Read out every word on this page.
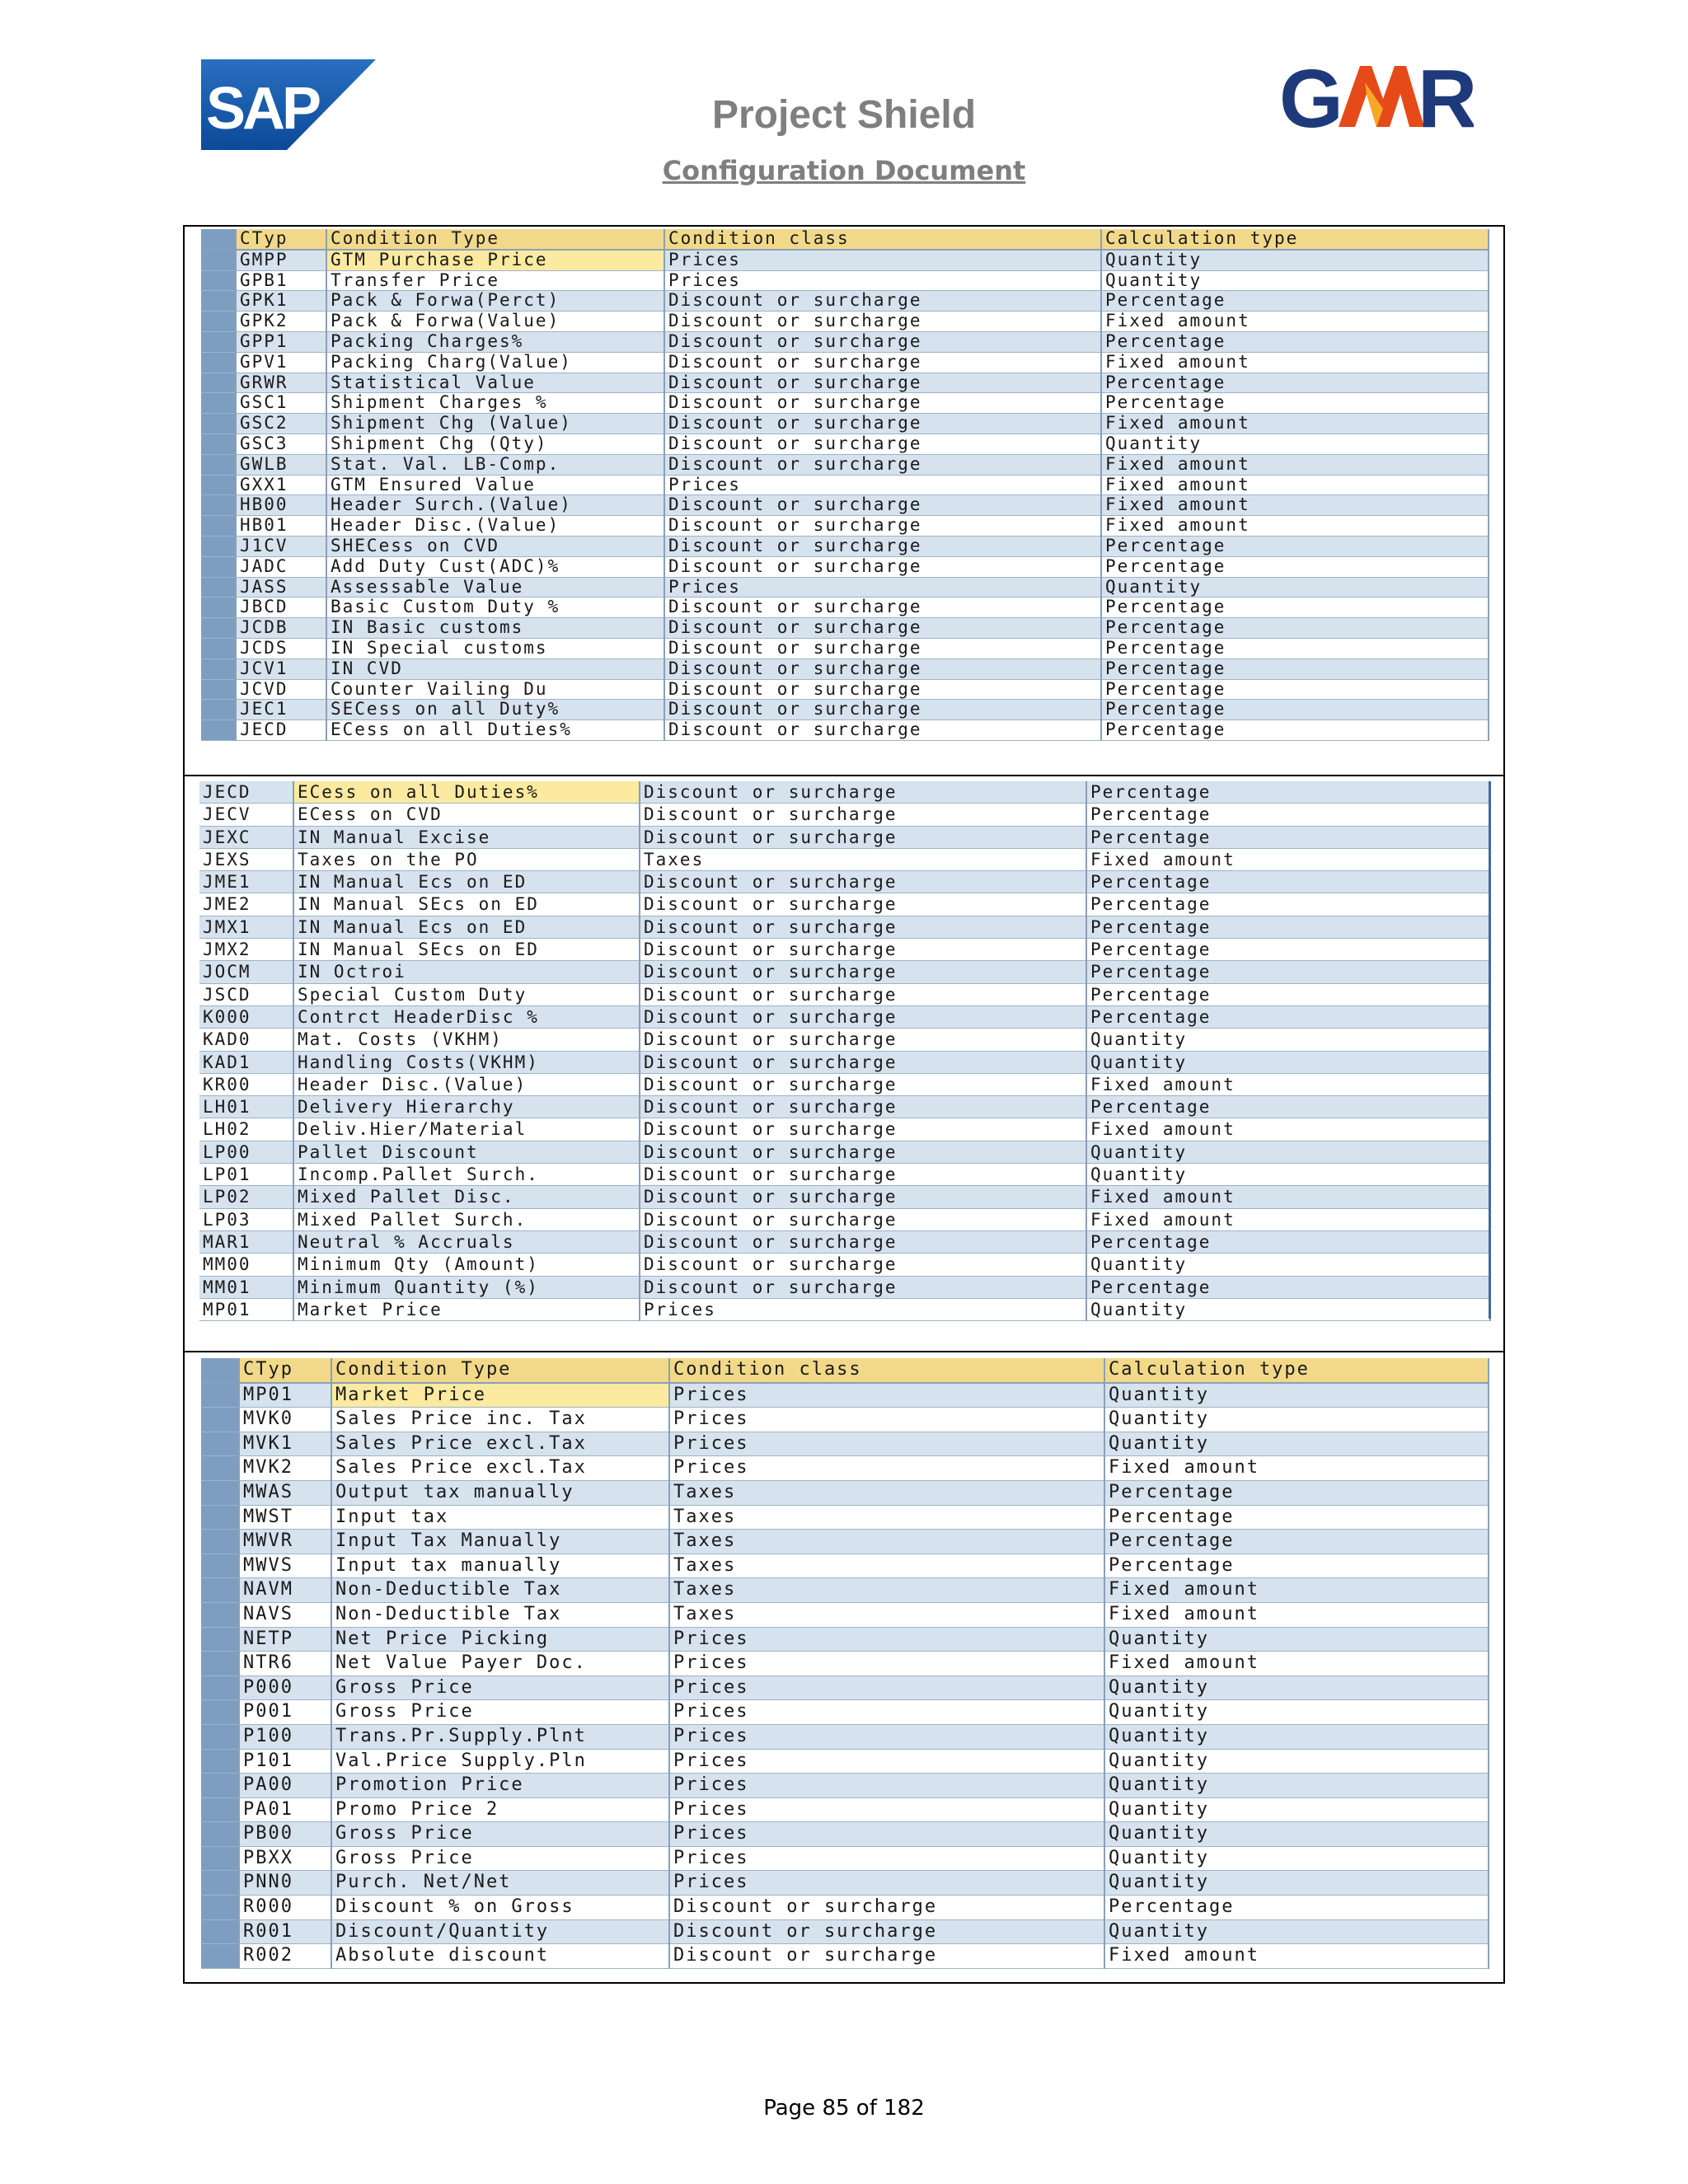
SAP	G R
Project Shield
Configuration Document
	CTyp	Condition Type	Condition class	Calculation type
	GMPP	GTM Purchase Price	Prices	Quantity
	GPB1	Transfer Price	Prices	Quantity
	GPK1	Pack & Forwa(Perct)	Discount or surcharge	Percentage
	GPK2	Pack & Forwa(Value)	Discount or surcharge	Fixed amount
	GPP1	Packing Charges%	Discount or surcharge	Percentage
	GPV1	Packing Charg(Value)	Discount or surcharge	Fixed amount
	GRWR	Statistical Value	Discount or surcharge	Percentage
	GSC1	Shipment Charges %	Discount or surcharge	Percentage
	GSC2	Shipment Chg (Value)	Discount or surcharge	Fixed amount
	GSC3	Shipment Chg (Qty)	Discount or surcharge	Quantity
	GWLB	Stat. Val. LB-Comp.	Discount or surcharge	Fixed amount
	GXX1	GTM Ensured Value	Prices	Fixed amount
	HB00	Header Surch.(Value)	Discount or surcharge	Fixed amount
	HB01	Header Disc.(Value)	Discount or surcharge	Fixed amount
	J1CV	SHECess on CVD	Discount or surcharge	Percentage
	JADC	Add Duty Cust(ADC)%	Discount or surcharge	Percentage
	JASS	Assessable Value	Prices	Quantity
	JBCD	Basic Custom Duty %	Discount or surcharge	Percentage
	JCDB	IN Basic customs	Discount or surcharge	Percentage
	JCDS	IN Special customs	Discount or surcharge	Percentage
	JCV1	IN CVD	Discount or surcharge	Percentage
	JCVD	Counter Vailing Du	Discount or surcharge	Percentage
	JEC1	SECess on all Duty%	Discount or surcharge	Percentage
	JECD	ECess on all Duties%	Discount or surcharge	Percentage
JECD	ECess on all Duties%	Discount or surcharge	Percentage
JECV	ECess on CVD	Discount or surcharge	Percentage
JEXC	IN Manual Excise	Discount or surcharge	Percentage
JEXS	Taxes on the PO	Taxes	Fixed amount
JME1	IN Manual Ecs on ED	Discount or surcharge	Percentage
JME2	IN Manual SEcs on ED	Discount or surcharge	Percentage
JMX1	IN Manual Ecs on ED	Discount or surcharge	Percentage
JMX2	IN Manual SEcs on ED	Discount or surcharge	Percentage
JOCM	IN Octroi	Discount or surcharge	Percentage
JSCD	Special Custom Duty	Discount or surcharge	Percentage
K000	Contrct HeaderDisc %	Discount or surcharge	Percentage
KAD0	Mat. Costs (VKHM)	Discount or surcharge	Quantity
KAD1	Handling Costs(VKHM)	Discount or surcharge	Quantity
KR00	Header Disc.(Value)	Discount or surcharge	Fixed amount
LH01	Delivery Hierarchy	Discount or surcharge	Percentage
LH02	Deliv.Hier/Material	Discount or surcharge	Fixed amount
LP00	Pallet Discount	Discount or surcharge	Quantity
LP01	Incomp.Pallet Surch.	Discount or surcharge	Quantity
LP02	Mixed Pallet Disc.	Discount or surcharge	Fixed amount
LP03	Mixed Pallet Surch.	Discount or surcharge	Fixed amount
MAR1	Neutral % Accruals	Discount or surcharge	Percentage
MM00	Minimum Qty (Amount)	Discount or surcharge	Quantity
MM01	Minimum Quantity (%)	Discount or surcharge	Percentage
MP01	Market Price	Prices	Quantity
	CTyp	Condition Type	Condition class	Calculation type
	MP01	Market Price	Prices	Quantity
	MVK0	Sales Price inc. Tax	Prices	Quantity
	MVK1	Sales Price excl.Tax	Prices	Quantity
	MVK2	Sales Price excl.Tax	Prices	Fixed amount
	MWAS	Output tax manually	Taxes	Percentage
	MWST	Input tax	Taxes	Percentage
	MWVR	Input Tax Manually	Taxes	Percentage
	MWVS	Input tax manually	Taxes	Percentage
	NAVM	Non-Deductible Tax	Taxes	Fixed amount
	NAVS	Non-Deductible Tax	Taxes	Fixed amount
	NETP	Net Price Picking	Prices	Quantity
	NTR6	Net Value Payer Doc.	Prices	Fixed amount
	P000	Gross Price	Prices	Quantity
	P001	Gross Price	Prices	Quantity
	P100	Trans.Pr.Supply.Plnt	Prices	Quantity
	P101	Val.Price Supply.Pln	Prices	Quantity
	PA00	Promotion Price	Prices	Quantity
	PA01	Promo Price 2	Prices	Quantity
	PB00	Gross Price	Prices	Quantity
	PBXX	Gross Price	Prices	Quantity
	PNN0	Purch. Net/Net	Prices	Quantity
	R000	Discount % on Gross	Discount or surcharge	Percentage
	R001	Discount/Quantity	Discount or surcharge	Quantity
	R002	Absolute discount	Discount or surcharge	Fixed amount
Page 85 of 182
